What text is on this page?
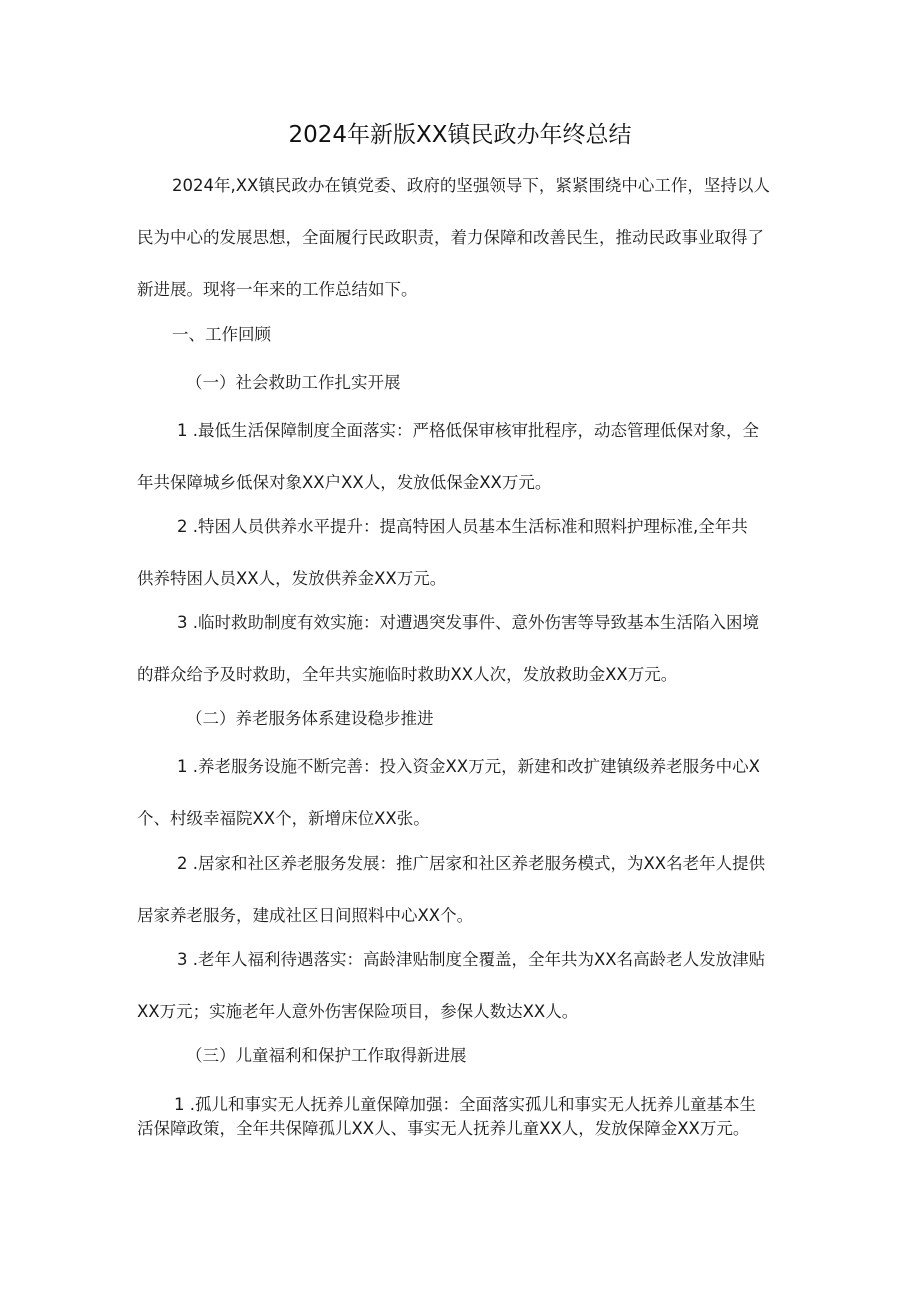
2024年新版XX镇民政办年终总结
2024年,XX镇民政办在镇党委、政府的坚强领导下，紧紧围绕中心工作，坚持以人
民为中心的发展思想，全面履行民政职责，着力保障和改善民生，推动民政事业取得了
新进展。现将一年来的工作总结如下。
一、工作回顾
（一）社会救助工作扎实开展
1 .最低生活保障制度全面落实：严格低保审核审批程序，动态管理低保对象，全
年共保障城乡低保对象XX户XX人，发放低保金XX万元。
2 .特困人员供养水平提升：提高特困人员基本生活标准和照料护理标准,全年共
供养特困人员XX人，发放供养金XX万元。
3 .临时救助制度有效实施：对遭遇突发事件、意外伤害等导致基本生活陷入困境
的群众给予及时救助，全年共实施临时救助XX人次，发放救助金XX万元。
（二）养老服务体系建设稳步推进
1 .养老服务设施不断完善：投入资金XX万元，新建和改扩建镇级养老服务中心X
个、村级幸福院XX个，新增床位XX张。
2 .居家和社区养老服务发展：推广居家和社区养老服务模式，为XX名老年人提供
居家养老服务，建成社区日间照料中心XX个。
3 .老年人福利待遇落实：高龄津贴制度全覆盖，全年共为XX名高龄老人发放津贴
XX万元；实施老年人意外伤害保险项目，参保人数达XX人。
（三）儿童福利和保护工作取得新进展
1 .孤儿和事实无人抚养儿童保障加强：全面落实孤儿和事实无人抚养儿童基本生
活保障政策，全年共保障孤儿XX人、事实无人抚养儿童XX人，发放保障金XX万元。
